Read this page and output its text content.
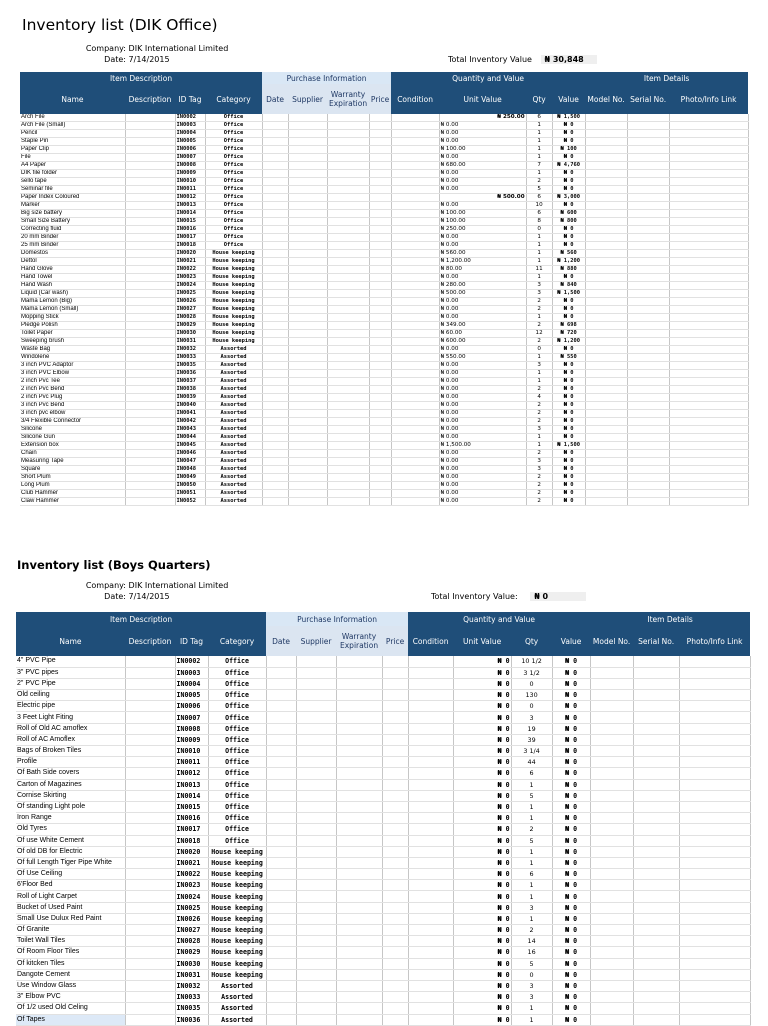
Inventory list (DIK Office)
Company: DIK International Limited
Date: 7/14/2015	Total Inventory Value ₦ 30,848
Item Description				Purchase Information				Quantity and Value				Item Details		
Name	Description	ID Tag	Category	Date	Supplier	Warranty Expiration	Price	Condition	Unit Value	Qty	Value	Model No.	Serial No.	Photo/Info Link
Arch File		IN0002	Office						₦ 250.00	6	₦ 1,500			
Arch File (Small)		IN0003	Office						₦ 0.00	1	₦ 0			
Pencil		IN0004	Office						₦ 0.00	1	₦ 0			
Staple Pin		IN0005	Office						₦ 0.00	1	₦ 0			
Paper Clip		IN0006	Office						₦ 100.00	1	₦ 100			
File		IN0007	Office						₦ 0.00	1	₦ 0			
A4 Paper		IN0008	Office						₦ 680.00	7	₦ 4,760			
DIK file folder		IN0009	Office						₦ 0.00	1	₦ 0			
sello tape		IN0010	Office						₦ 0.00	2	₦ 0			
Seminar file		IN0011	Office						₦ 0.00	5	₦ 0			
Paper Index Coloured		IN0012	Office						₦ 500.00	6	₦ 3,000			
Marker		IN0013	Office						₦ 0.00	10	₦ 0			
Big size battery		IN0014	Office						₦ 100.00	6	₦ 600			
Small Size Battery		IN0015	Office						₦ 100.00	8	₦ 800			
Correcting fluid		IN0016	Office						₦ 250.00	0	₦ 0			
20 mm Binder		IN0017	Office						₦ 0.00	1	₦ 0			
25 mm Binder		IN0018	Office						₦ 0.00	1	₦ 0			
Domestos		IN0020	House keeping						₦ 560.00	1	₦ 560			
Dettol		IN0021	House keeping						₦ 1,200.00	1	₦ 1,200			
Hand Glove		IN0022	House keeping						₦ 80.00	11	₦ 880			
Hand Towel		IN0023	House keeping						₦ 0.00	1	₦ 0			
Hand Wash		IN0024	House keeping						₦ 280.00	3	₦ 840			
Liquid (Car wash)		IN0025	House keeping						₦ 500.00	3	₦ 1,500			
Mama Lemon (Big)		IN0026	House keeping						₦ 0.00	2	₦ 0			
Mama Lemon (Small)		IN0027	House keeping						₦ 0.00	2	₦ 0			
Mopping Stick		IN0028	House keeping						₦ 0.00	1	₦ 0			
Pledge Polish		IN0029	House keeping						₦ 349.00	2	₦ 698			
Toilet Paper		IN0030	House keeping						₦ 60.00	12	₦ 720			
Sweeping brush		IN0031	House keeping						₦ 600.00	2	₦ 1,200			
Waste Bag		IN0032	Assorted						₦ 0.00	0	₦ 0			
Windolene		IN0033	Assorted						₦ 550.00	1	₦ 550			
3 inch PVC Adaptor		IN0035	Assorted						₦ 0.00	3	₦ 0			
3 inch PVC Elbow		IN0036	Assorted						₦ 0.00	1	₦ 0			
2 inch Pvc Tee		IN0037	Assorted						₦ 0.00	1	₦ 0			
2 inch Pvc Bend		IN0038	Assorted						₦ 0.00	2	₦ 0			
2 inch Pvc Plug		IN0039	Assorted						₦ 0.00	4	₦ 0			
3 inch Pvc Bend		IN0040	Assorted						₦ 0.00	2	₦ 0			
3 inch pvc elbow		IN0041	Assorted						₦ 0.00	2	₦ 0			
3/4 Flexible Connector		IN0042	Assorted						₦ 0.00	2	₦ 0			
Silicone		IN0043	Assorted						₦ 0.00	3	₦ 0			
Silicone Gun		IN0044	Assorted						₦ 0.00	1	₦ 0			
Extension box		IN0045	Assorted						₦ 1,500.00	1	₦ 1,500			
Chain		IN0046	Assorted						₦ 0.00	2	₦ 0			
Measuring Tape		IN0047	Assorted						₦ 0.00	3	₦ 0			
Square		IN0048	Assorted						₦ 0.00	3	₦ 0			
Short Plum		IN0049	Assorted						₦ 0.00	2	₦ 0			
Long Plum		IN0050	Assorted						₦ 0.00	2	₦ 0			
Club Hammer		IN0051	Assorted						₦ 0.00	2	₦ 0			
Claw Hammer		IN0052	Assorted						₦ 0.00	2	₦ 0			
Inventory list (Boys Quarters)
Company: DIK International Limited
Date: 7/14/2015	Total Inventory Value: ₦ 0
Item Description				Purchase Information				Quantity and Value				Item Details		
Name	Description	ID Tag	Category	Date	Supplier	Warranty Expiration	Price	Condition	Unit Value	Qty	Value	Model No.	Serial No.	Photo/Info Link
4" PVC Pipe		IN0002	Office						₦ 0	10 1/2	₦ 0			
3" PVC pipes		IN0003	Office						₦ 0	3 1/2	₦ 0			
2" PVC Pipe		IN0004	Office						₦ 0	0	₦ 0			
Old ceiling		IN0005	Office						₦ 0	130	₦ 0			
Electric pipe		IN0006	Office						₦ 0	0	₦ 0			
3 Feet Light Fiting		IN0007	Office						₦ 0	3	₦ 0			
Roll of Old AC amoflex		IN0008	Office						₦ 0	19	₦ 0			
Roll of AC Amoflex		IN0009	Office						₦ 0	39	₦ 0			
Bags of Broken Tiles		IN0010	Office						₦ 0	3 1/4	₦ 0			
Profile		IN0011	Office						₦ 0	44	₦ 0			
Of Bath Side covers		IN0012	Office						₦ 0	6	₦ 0			
Carton of Magazines		IN0013	Office						₦ 0	1	₦ 0			
Cornise Skirting		IN0014	Office						₦ 0	5	₦ 0			
Of standing Light pole		IN0015	Office						₦ 0	1	₦ 0			
Iron Range		IN0016	Office						₦ 0	1	₦ 0			
Old Tyres		IN0017	Office						₦ 0	2	₦ 0			
Of use White Cement		IN0018	Office						₦ 0	5	₦ 0			
Of old DB for Electric		IN0020	House keeping						₦ 0	1	₦ 0			
Of full Length Tiger Pipe White		IN0021	House keeping						₦ 0	1	₦ 0			
Of Use Ceiling		IN0022	House keeping						₦ 0	6	₦ 0			
6'Floor Bed		IN0023	House keeping						₦ 0	1	₦ 0			
Roll of Light Carpet		IN0024	House keeping						₦ 0	1	₦ 0			
Bucket of Used Paint		IN0025	House keeping						₦ 0	3	₦ 0			
Small Use Dulux Red Paint		IN0026	House keeping						₦ 0	1	₦ 0			
Of Granite		IN0027	House keeping						₦ 0	2	₦ 0			
Toilet Wall Tiles		IN0028	House keeping						₦ 0	14	₦ 0			
Of Room Floor Tiles		IN0029	House keeping						₦ 0	16	₦ 0			
Of kitcken Tiles		IN0030	House keeping						₦ 0	5	₦ 0			
Dangote Cement		IN0031	House keeping						₦ 0	0	₦ 0			
Use Window Glass		IN0032	Assorted						₦ 0	3	₦ 0			
3" Elbow PVC		IN0033	Assorted						₦ 0	3	₦ 0			
Of 1/2 used Old Celing		IN0035	Assorted						₦ 0	1	₦ 0			
Of Tapes		IN0036	Assorted						₦ 0	1	₦ 0			
